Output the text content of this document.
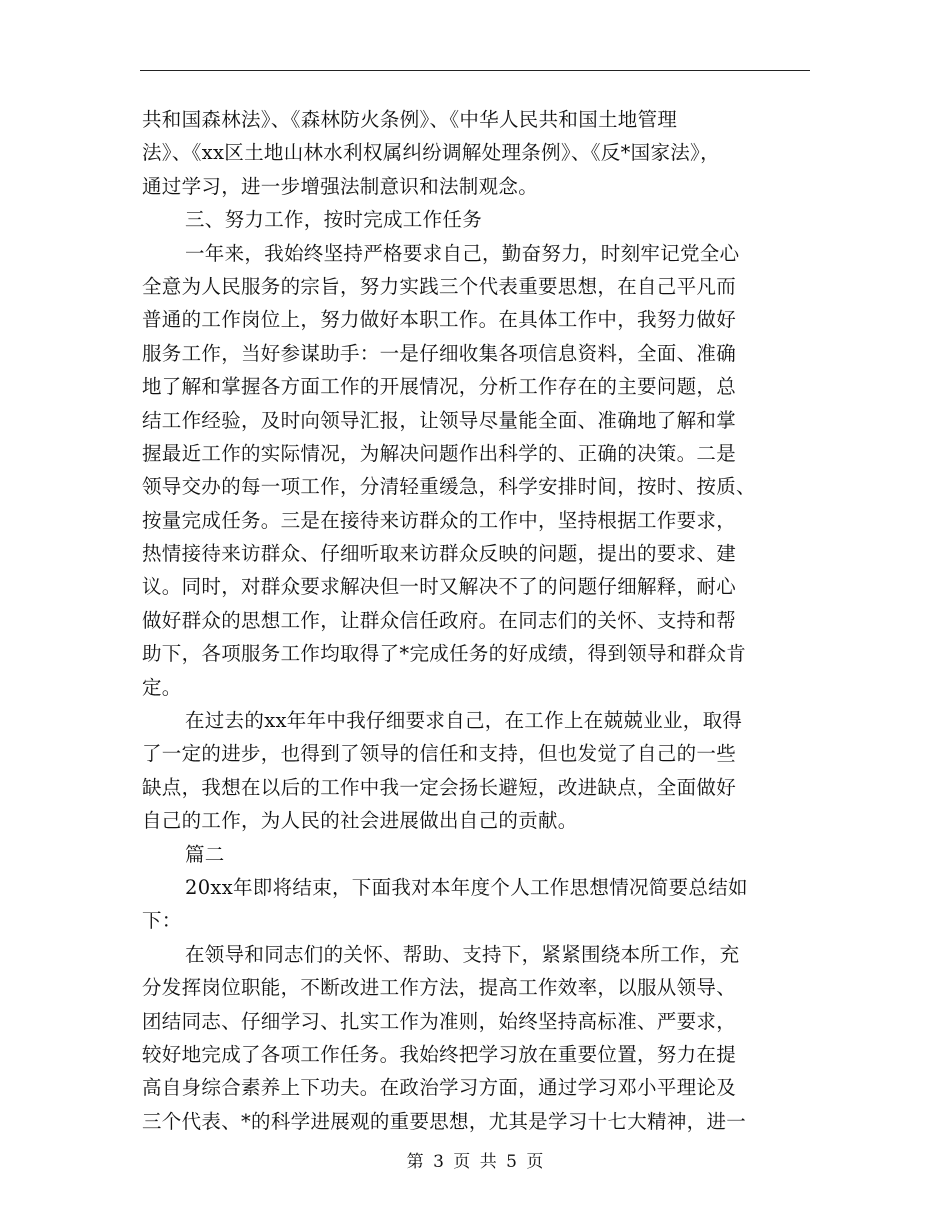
共和国森林法》、《森林防火条例》、《中华人民共和国土地管理
法》、《xx区土地山林水利权属纠纷调解处理条例》、《反*国家法》，
通过学习，进一步增强法制意识和法制观念。
三、努力工作，按时完成工作任务
一年来，我始终坚持严格要求自己，勤奋努力，时刻牢记党全心
全意为人民服务的宗旨，努力实践三个代表重要思想，在自己平凡而
普通的工作岗位上，努力做好本职工作。在具体工作中，我努力做好
服务工作，当好参谋助手：一是仔细收集各项信息资料，全面、准确
地了解和掌握各方面工作的开展情况，分析工作存在的主要问题，总
结工作经验，及时向领导汇报，让领导尽量能全面、准确地了解和掌
握最近工作的实际情况，为解决问题作出科学的、正确的决策。二是
领导交办的每一项工作，分清轻重缓急，科学安排时间，按时、按质、
按量完成任务。三是在接待来访群众的工作中，坚持根据工作要求，
热情接待来访群众、仔细听取来访群众反映的问题，提出的要求、建
议。同时，对群众要求解决但一时又解决不了的问题仔细解释，耐心
做好群众的思想工作，让群众信任政府。在同志们的关怀、支持和帮
助下，各项服务工作均取得了*完成任务的好成绩，得到领导和群众肯
定。
在过去的xx年年中我仔细要求自己，在工作上在兢兢业业，取得
了一定的进步，也得到了领导的信任和支持，但也发觉了自己的一些
缺点，我想在以后的工作中我一定会扬长避短，改进缺点，全面做好
自己的工作，为人民的社会进展做出自己的贡献。
篇二
20xx年即将结束，下面我对本年度个人工作思想情况简要总结如
下：
在领导和同志们的关怀、帮助、支持下，紧紧围绕本所工作，充
分发挥岗位职能，不断改进工作方法，提高工作效率，以服从领导、
团结同志、仔细学习、扎实工作为准则，始终坚持高标准、严要求，
较好地完成了各项工作任务。我始终把学习放在重要位置，努力在提
高自身综合素养上下功夫。在政治学习方面，通过学习邓小平理论及
三个代表、*的科学进展观的重要思想，尤其是学习十七大精神，进一
第 3 页 共 5 页
